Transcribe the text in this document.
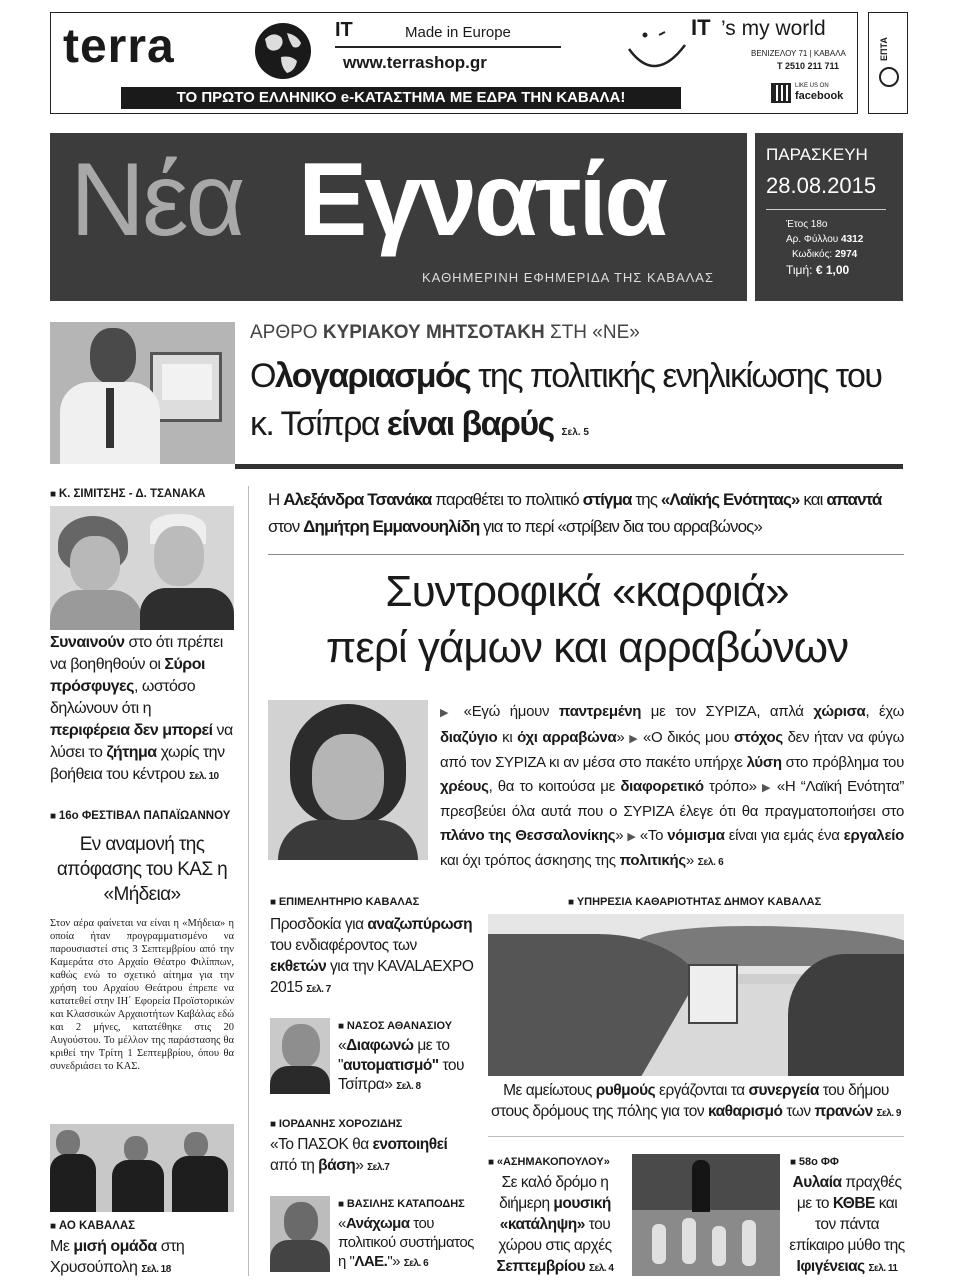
terra	IT	Made in Europe
www.terrashop.gr
IT ’s my world
ΒΕΝΙΖΕΛΟΥ 71 | ΚΑΒΑΛΑ
T 2510 211 711
LIKE US ON
facebook
ΤΟ ΠΡΩΤΟ ΕΛΛΗΝΙΚΟ e-ΚΑΤΑΣΤΗΜΑ ΜΕ ΕΔΡΑ ΤΗΝ ΚΑΒΑΛΑ!
ΕΠΤΑ
Νέα Εγνατία
ΚΑΘΗΜΕΡΙΝΗ ΕΦΗΜΕΡΙΔΑ ΤΗΣ ΚΑΒΑΛΑΣ
ΠΑΡΑΣΚΕΥΗ
28.08.2015
Έτος 18ο
Αρ. Φύλλου 4312
Κωδικός: 2974
Τιμή: € 1,00
ΑΡΘΡΟ ΚΥΡΙΑΚΟΥ ΜΗΤΣΟΤΑΚΗ ΣΤΗ «ΝΕ»
Ολογαριασμός της πολιτικής ενηλικίωσης του κ. Τσίπρα είναι βαρύς Σελ. 5
■ Κ. ΣΙΜΙΤΣΗΣ - Δ. ΤΣΑΝΑΚΑ
Συναινούν στο ότι πρέπει να βοηθηθούν οι Σύροι πρόσφυγες, ωστόσο δηλώνουν ότι η περιφέρεια δεν μπορεί να λύσει το ζήτημα χωρίς την βοήθεια του κέντρου Σελ. 10
■ 16ο ΦΕΣΤΙΒΑΛ ΠΑΠΑΪΩΑΝΝΟΥ
Εν αναμονή της απόφασης του ΚΑΣ η «Μήδεια»
Στον αέρα φαίνεται να είναι η «Μήδεια» η οποία ήταν προγραμματισμένο να παρουσιαστεί στις 3 Σεπτεμβρίου από την Καμεράτα στο Αρχαίο Θέατρο Φιλίππων, καθώς ενώ το σχετικό αίτημα για την χρήση του Αρχαίου Θεάτρου έπρεπε να κατατεθεί στην ΙΗ΄ Εφορεία Προϊστορικών και Κλασσικών Αρχαιοτήτων Καβάλας εδώ και 2 μήνες, κατατέθηκε στις 20 Αυγούστου. Το μέλλον της παράστασης θα κριθεί την Τρίτη 1 Σεπτεμβρίου, όπου θα συνεδριάσει το ΚΑΣ.
■ ΑΟ ΚΑΒΑΛΑΣ
Με μισή ομάδα στη Χρυσούπολη Σελ. 18
Η Αλεξάνδρα Τσανάκα παραθέτει το πολιτικό στίγμα της «Λαϊκής Ενότητας» και απαντά στον Δημήτρη Εμμανουηλίδη για το περί «στρίβειν δια του αρραβώνος»
Συντροφικά «καρφιά»
περί γάμων και αρραβώνων
▶ «Εγώ ήμουν παντρεμένη με τον ΣΥΡΙΖΑ, απλά χώρισα, έχω διαζύγιο κι όχι αρραβώνα» ▶ «Ο δικός μου στόχος δεν ήταν να φύγω από τον ΣΥΡΙΖΑ κι αν μέσα στο πακέτο υπήρχε λύση στο πρόβλημα του χρέους, θα το κοιτούσα με διαφορετικό τρόπο» ▶ «Η “Λαϊκή Ενότητα” πρεσβεύει όλα αυτά που ο ΣΥΡΙΖΑ έλεγε ότι θα πραγματοποιήσει στο πλάνο της Θεσσαλονίκης» ▶ «Το νόμισμα είναι για εμάς ένα εργαλείο και όχι τρόπος άσκησης της πολιτικής» Σελ. 6
■ ΕΠΙΜΕΛΗΤΗΡΙΟ ΚΑΒΑΛΑΣ
Προσδοκία για αναζωπύρωση του ενδιαφέροντος των εκθετών για την KAVALAEXPO 2015 Σελ. 7
■ ΝΑΣΟΣ ΑΘΑΝΑΣΙΟΥ
«Διαφωνώ με το "αυτοματισμό" του Τσίπρα» Σελ. 8
■ ΙΟΡΔΑΝΗΣ ΧΟΡΟΖΙΔΗΣ
«Το ΠΑΣΟΚ θα ενοποιηθεί από τη βάση» Σελ.7
■ ΒΑΣΙΛΗΣ ΚΑΤΑΠΟΔΗΣ
«Ανάχωμα του πολιτικού συστήματος η "ΛΑΕ."» Σελ. 6
■ ΥΠΗΡΕΣΙΑ ΚΑΘΑΡΙΟΤΗΤΑΣ ΔΗΜΟΥ ΚΑΒΑΛΑΣ
Με αμείωτους ρυθμούς εργάζονται τα συνεργεία του δήμου στους δρόμους της πόλης για τον καθαρισμό των πρανών Σελ. 9
■ «ΑΣΗΜΑΚΟΠΟΥΛΟΥ»
Σε καλό δρόμο η διήμερη μουσική «κατάληψη» του χώρου στις αρχές Σεπτεμβρίου Σελ. 4
■ 58ο ΦΦ
Αυλαία πραχθές με το ΚΘΒΕ και τον πάντα επίκαιρο μύθο της Ιφιγένειας Σελ. 11
